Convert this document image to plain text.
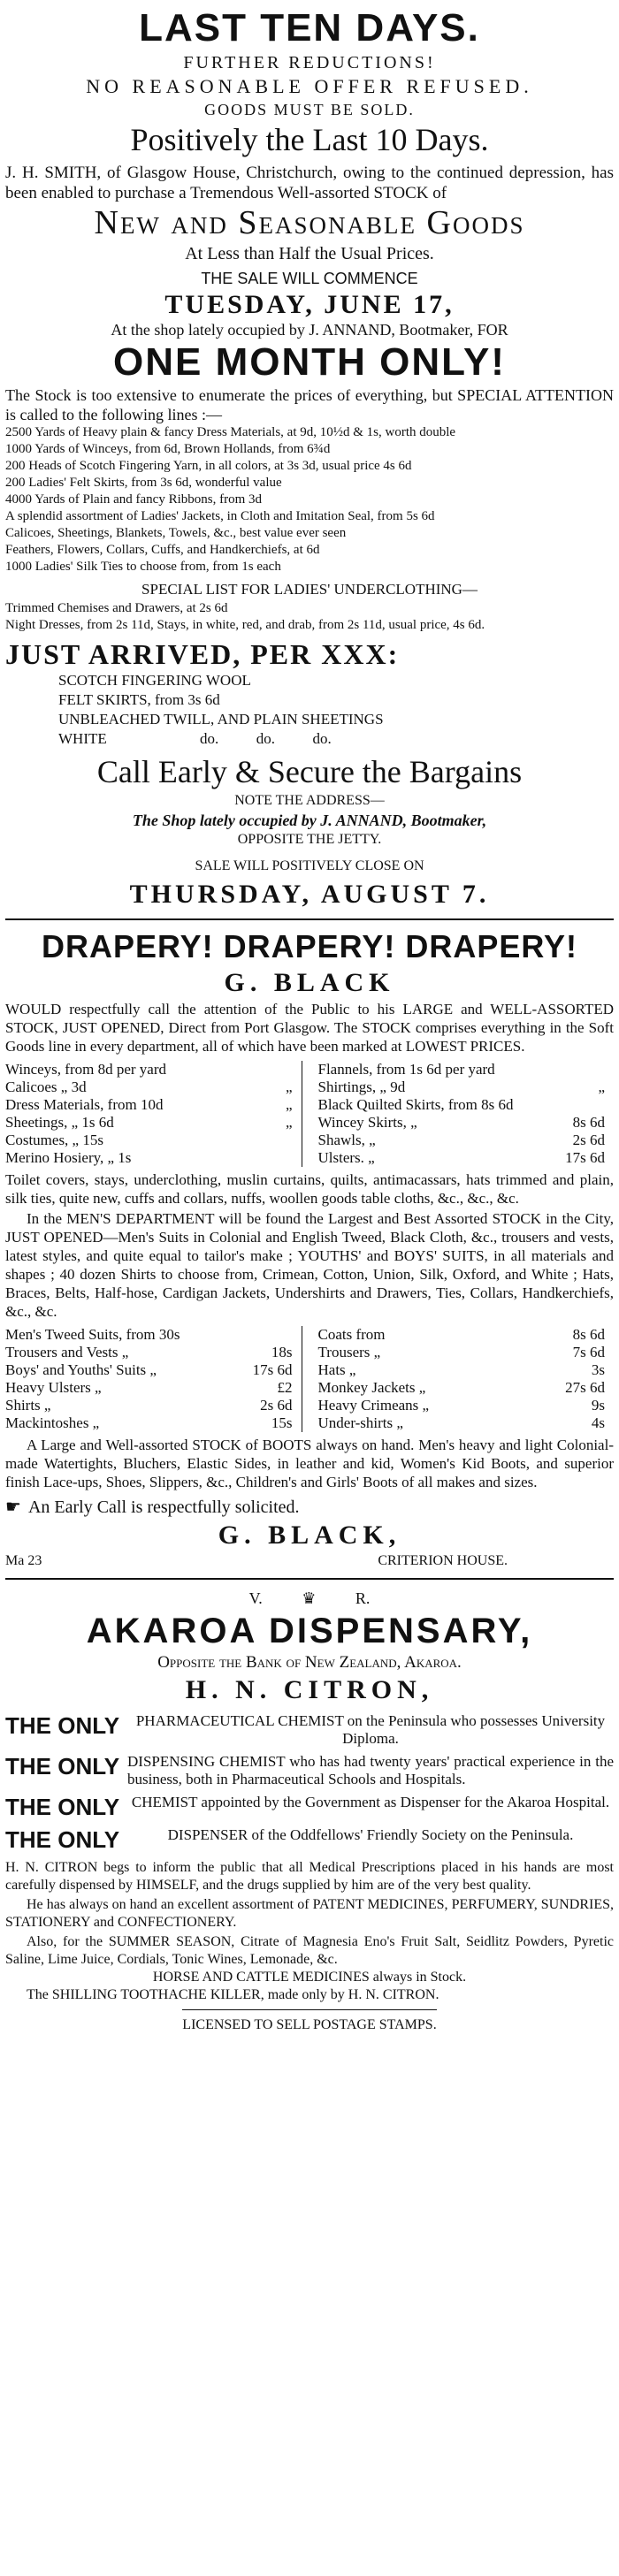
LAST TEN DAYS.
FURTHER REDUCTIONS!
NO REASONABLE OFFER REFUSED.
GOODS MUST BE SOLD.
Positively the Last 10 Days.

J. H. SMITH, of Glasgow House, Christchurch, owing to the continued depression, has been enabled to purchase a Tremendous Well-assorted STOCK of

New and Seasonable Goods
At Less than Half the Usual Prices.
THE SALE WILL COMMENCE
TUESDAY, JUNE 17,
At the shop lately occupied by J. ANNAND, Bootmaker, FOR
ONE MONTH ONLY!

The Stock is too extensive to enumerate the prices of everything, but SPECIAL ATTENTION is called to the following lines :—

2500 Yards of Heavy plain & fancy Dress Materials, at 9d, 10½d & 1s, worth double

1000 Yards of Winceys, from 6d, Brown Hollands, from 6¾d

200 Heads of Scotch Fingering Yarn, in all colors, at 3s 3d, usual price 4s 6d

200 Ladies' Felt Skirts, from 3s 6d, wonderful value

4000 Yards of Plain and fancy Ribbons, from 3d

A splendid assortment of Ladies' Jackets, in Cloth and Imitation Seal, from 5s 6d

Calicoes, Sheetings, Blankets, Towels, &c., best value ever seen

Feathers, Flowers, Collars, Cuffs, and Handkerchiefs, at 6d

1000 Ladies' Silk Ties to choose from, from 1s each

SPECIAL LIST FOR LADIES' UNDERCLOTHING—

Trimmed Chemises and Drawers, at 2s 6d

Night Dresses, from 2s 11d, Stays, in white, red, and drab, from 2s 11d, usual price, 4s 6d.

JUST ARRIVED, PER XXX:
SCOTCH FINGERING WOOL
FELT SKIRTS, from 3s 6d
UNBLEACHED TWILL, AND PLAIN SHEETINGS
WHITE	do.          do.          do.
Call Early & Secure the Bargains
NOTE THE ADDRESS—
The Shop lately occupied by J. ANNAND, Bootmaker,
OPPOSITE THE JETTY.
SALE WILL POSITIVELY CLOSE ON
THURSDAY, AUGUST 7.
DRAPERY! DRAPERY! DRAPERY!
G. BLACK

WOULD respectfully call the attention of the Public to his LARGE and WELL-ASSORTED STOCK, JUST OPENED, Direct from Port Glasgow. The STOCK comprises everything in the Soft Goods line in every department, all of which have been marked at LOWEST PRICES.

Winceys, from 8d per yard
Calicoes „ 3d	„
Dress Materials, from 10d	„
Sheetings, „ 1s 6d	„
Costumes, „ 15s
Merino Hosiery, „ 1s
Flannels, from 1s 6d per yard
Shirtings, „ 9d	„
Black Quilted Skirts, from 8s 6d
Wincey Skirts, „	8s 6d
Shawls, „	2s 6d
Ulsters. „	17s 6d

Toilet covers, stays, underclothing, muslin curtains, quilts, antimacassars, hats trimmed and plain, silk ties, quite new, cuffs and collars, nuffs, woollen goods table cloths, &c., &c., &c.

In the MEN'S DEPARTMENT will be found the Largest and Best Assorted STOCK in the City, JUST OPENED—Men's Suits in Colonial and English Tweed, Black Cloth, &c., trousers and vests, latest styles, and quite equal to tailor's make ; YOUTHS' and BOYS' SUITS, in all materials and shapes ; 40 dozen Shirts to choose from, Crimean, Cotton, Union, Silk, Oxford, and White ; Hats, Braces, Belts, Half-hose, Cardigan Jackets, Undershirts and Drawers, Ties, Collars, Handkerchiefs, &c., &c.

Men's Tweed Suits, from 30s
Trousers and Vests „	18s
Boys' and Youths' Suits „	17s 6d
Heavy Ulsters „	£2
Shirts „	2s 6d
Mackintoshes „	15s
Coats from	8s 6d
Trousers „	7s 6d
Hats „	3s
Monkey Jackets „	27s 6d
Heavy Crimeans „	9s
Under-shirts „	4s

A Large and Well-assorted STOCK of BOOTS always on hand. Men's heavy and light Colonial-made Watertights, Bluchers, Elastic Sides, in leather and kid, Women's Kid Boots, and superior finish Lace-ups, Shoes, Slippers, &c., Children's and Girls' Boots of all makes and sizes.

☛ An Early Call is respectfully solicited.
G. BLACK,
Ma 23	CRITERION HOUSE.
V. ♛ R.
AKAROA DISPENSARY,
Opposite the Bank of New Zealand, Akaroa.
H. N. CITRON,
THE ONLY	PHARMACEUTICAL CHEMIST on the Peninsula who possesses University Diploma.
THE ONLY DISPENSING CHEMIST who has had twenty years' practical experience in the business, both in Pharmaceutical Schools and Hospitals.
THE ONLY CHEMIST appointed by the Government as Dispenser for the Akaroa Hospital.
THE ONLY	DISPENSER of the Oddfellows' Friendly Society on the Peninsula.

H. N. CITRON begs to inform the public that all Medical Prescriptions placed in his hands are most carefully dispensed by HIMSELF, and the drugs supplied by him are of the very best quality.

He has always on hand an excellent assortment of PATENT MEDICINES, PERFUMERY, SUNDRIES, STATIONERY and CONFECTIONERY.

Also, for the SUMMER SEASON, Citrate of Magnesia Eno's Fruit Salt, Seidlitz Powders, Pyretic Saline, Lime Juice, Cordials, Tonic Wines, Lemonade, &c.

HORSE AND CATTLE MEDICINES always in Stock.

The SHILLING TOOTHACHE KILLER, made only by H. N. CITRON.

LICENSED TO SELL POSTAGE STAMPS.
